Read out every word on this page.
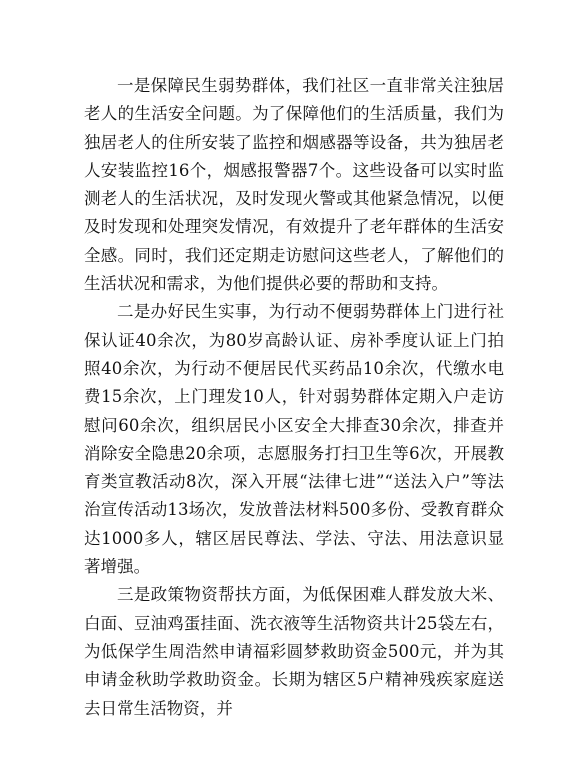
一是保障民生弱势群体，我们社区一直非常关注独居老人的生活安全问题。为了保障他们的生活质量，我们为独居老人的住所安装了监控和烟感器等设备，共为独居老人安装监控16个，烟感报警器7个。这些设备可以实时监测老人的生活状况，及时发现火警或其他紧急情况，以便及时发现和处理突发情况，有效提升了老年群体的生活安全感。同时，我们还定期走访慰问这些老人，了解他们的生活状况和需求，为他们提供必要的帮助和支持。

二是办好民生实事，为行动不便弱势群体上门进行社保认证40余次，为80岁高龄认证、房补季度认证上门拍照40余次，为行动不便居民代买药品10余次，代缴水电费15余次，上门理发10人，针对弱势群体定期入户走访慰问60余次，组织居民小区安全大排查30余次，排查并消除安全隐患20余项，志愿服务打扫卫生等6次，开展教育类宣教活动8次，深入开展“法律七进”“送法入户”等法治宣传活动13场次，发放普法材料500多份、受教育群众达1000多人，辖区居民尊法、学法、守法、用法意识显著增强。

三是政策物资帮扶方面，为低保困难人群发放大米、白面、豆油鸡蛋挂面、洗衣液等生活物资共计25袋左右，为低保学生周浩然申请福彩圆梦救助资金500元，并为其申请金秋助学救助资金。长期为辖区5户精神残疾家庭送去日常生活物资，并
